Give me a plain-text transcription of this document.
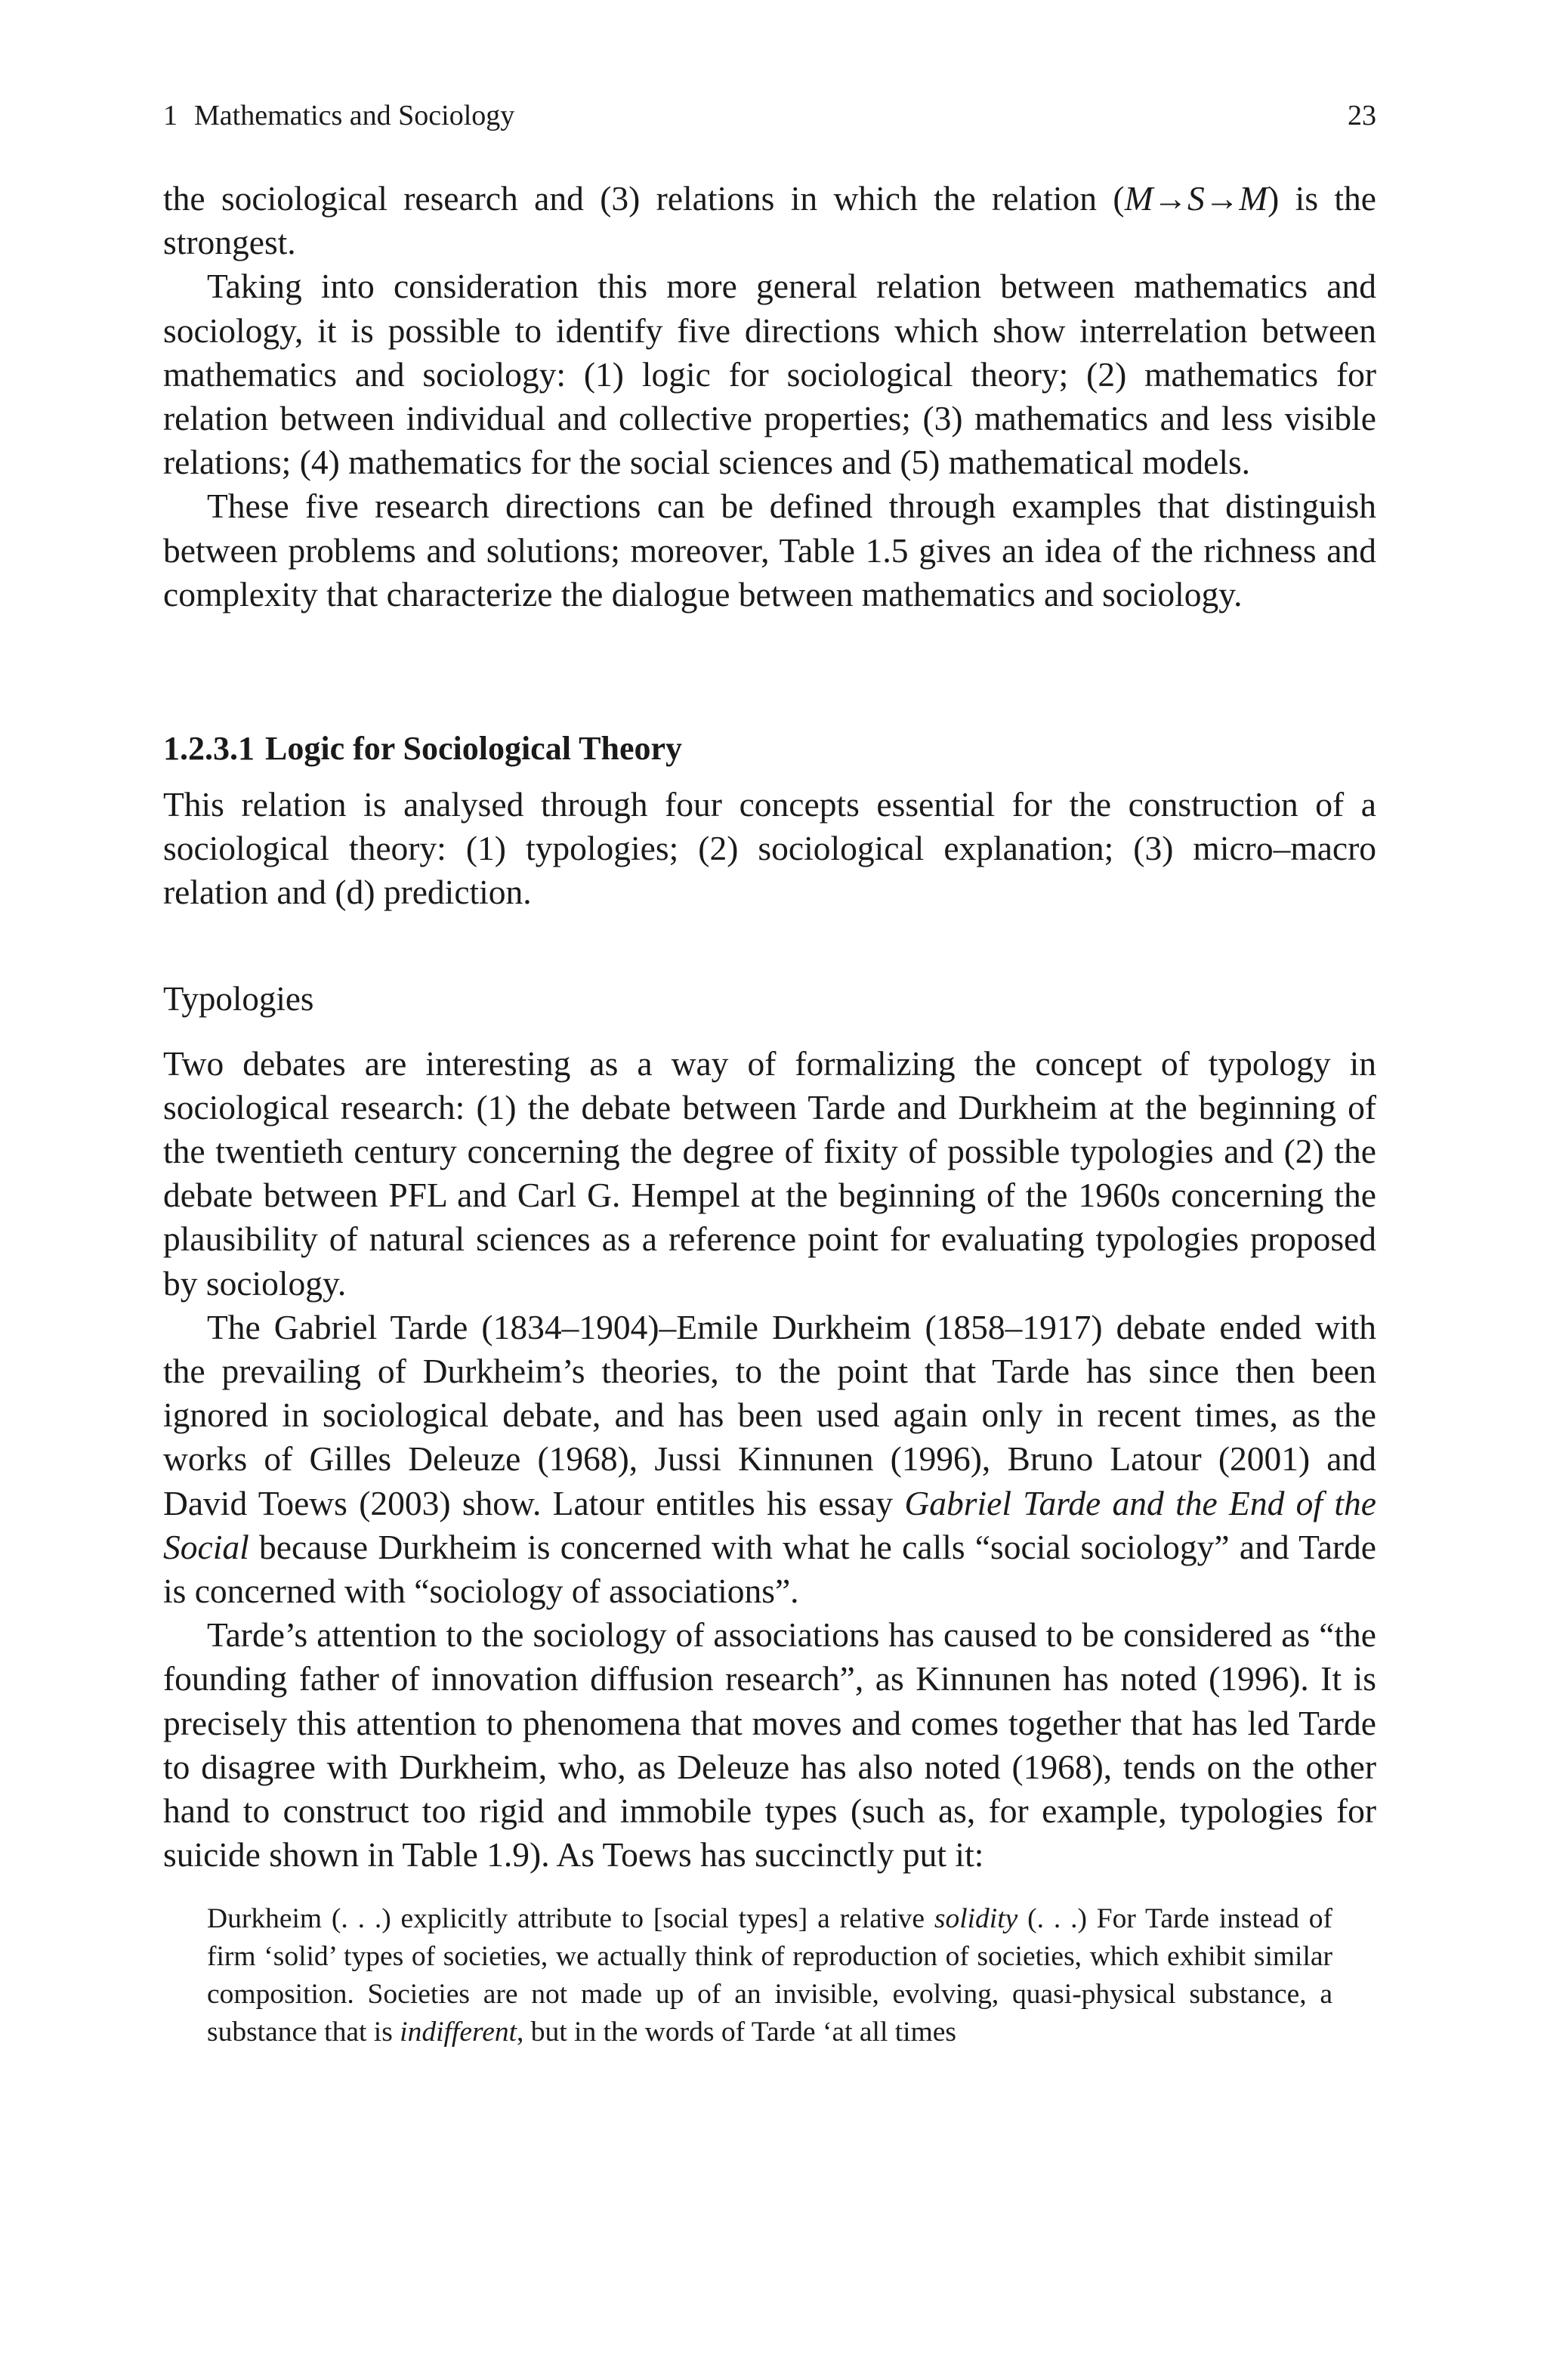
1 Mathematics and Sociology	23

the sociological research and (3) relations in which the relation (M→S→M) is the strongest.

Taking into consideration this more general relation between mathematics and sociology, it is possible to identify five directions which show interrelation between mathematics and sociology: (1) logic for sociological theory; (2) mathematics for relation between individual and collective properties; (3) mathematics and less visible relations; (4) mathematics for the social sciences and (5) mathematical models.

These five research directions can be defined through examples that distinguish between problems and solutions; moreover, Table 1.5 gives an idea of the richness and complexity that characterize the dialogue between mathematics and sociology.

1.2.3.1 Logic for Sociological Theory

This relation is analysed through four concepts essential for the construction of a sociological theory: (1) typologies; (2) sociological explanation; (3) micro–macro relation and (d) prediction.

Typologies

Two debates are interesting as a way of formalizing the concept of typology in sociological research: (1) the debate between Tarde and Durkheim at the beginning of the twentieth century concerning the degree of fixity of possible typologies and (2) the debate between PFL and Carl G. Hempel at the beginning of the 1960s concerning the plausibility of natural sciences as a reference point for evaluating typologies proposed by sociology.

The Gabriel Tarde (1834–1904)–Emile Durkheim (1858–1917) debate ended with the prevailing of Durkheim’s theories, to the point that Tarde has since then been ignored in sociological debate, and has been used again only in recent times, as the works of Gilles Deleuze (1968), Jussi Kinnunen (1996), Bruno Latour (2001) and David Toews (2003) show. Latour entitles his essay Gabriel Tarde and the End of the Social because Durkheim is concerned with what he calls “social sociology” and Tarde is concerned with “sociology of associations”.

Tarde’s attention to the sociology of associations has caused to be considered as “the founding father of innovation diffusion research”, as Kinnunen has noted (1996). It is precisely this attention to phenomena that moves and comes together that has led Tarde to disagree with Durkheim, who, as Deleuze has also noted (1968), tends on the other hand to construct too rigid and immobile types (such as, for example, typologies for suicide shown in Table 1.9). As Toews has succinctly put it:

Durkheim (. . .) explicitly attribute to [social types] a relative solidity (. . .) For Tarde instead of firm ‘solid’ types of societies, we actually think of reproduction of societies, which exhibit similar composition. Societies are not made up of an invisible, evolving, quasi-physical substance, a substance that is indifferent, but in the words of Tarde ‘at all times
